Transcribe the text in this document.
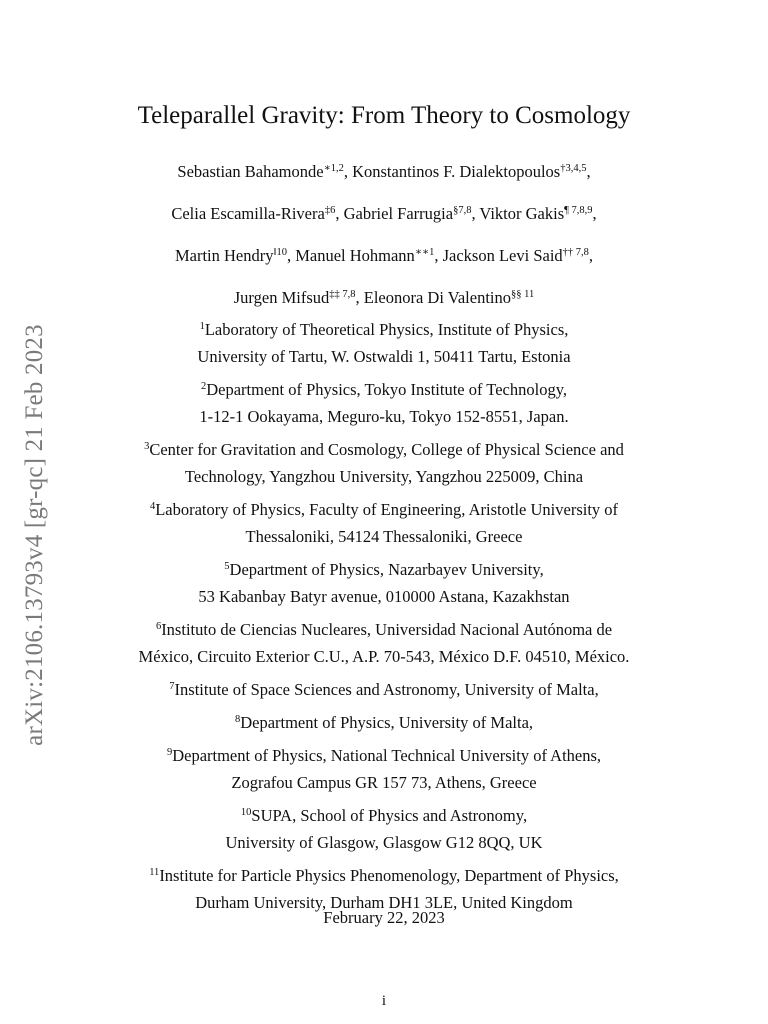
arXiv:2106.13793v4 [gr-qc] 21 Feb 2023
Teleparallel Gravity: From Theory to Cosmology
Sebastian Bahamonde$^{∗1,2}$, Konstantinos F. Dialektopoulos$^{\dagger 3,4,5}$,
Celia Escamilla-Rivera$^{\ddagger 6}$, Gabriel Farrugia$^{\S 7,8}$, Viktor Gakis$^{\P 7,8,9}$,
Martin Hendry$^{‖10}$, Manuel Hohmann$^{∗∗1}$, Jackson Levi Said$^{\dagger\dagger 7,8}$,
Jurgen Mifsud$^{\ddagger\ddagger 7,8}$, Eleonora Di Valentino$^{\S\S 11}$
$^1$Laboratory of Theoretical Physics, Institute of Physics,
University of Tartu, W. Ostwaldi 1, 50411 Tartu, Estonia
$^2$Department of Physics, Tokyo Institute of Technology,
1-12-1 Ookayama, Meguro-ku, Tokyo 152-8551, Japan.
$^3$Center for Gravitation and Cosmology, College of Physical Science and
Technology, Yangzhou University, Yangzhou 225009, China
$^4$Laboratory of Physics, Faculty of Engineering, Aristotle University of
Thessaloniki, 54124 Thessaloniki, Greece
$^5$Department of Physics, Nazarbayev University,
53 Kabanbay Batyr avenue, 010000 Astana, Kazakhstan
$^6$Instituto de Ciencias Nucleares, Universidad Nacional Autónoma de
México, Circuito Exterior C.U., A.P. 70-543, México D.F. 04510, México.
$^7$Institute of Space Sciences and Astronomy, University of Malta,
$^8$Department of Physics, University of Malta,
$^9$Department of Physics, National Technical University of Athens,
Zografou Campus GR 157 73, Athens, Greece
$^{10}$SUPA, School of Physics and Astronomy,
University of Glasgow, Glasgow G12 8QQ, UK
$^{11}$Institute for Particle Physics Phenomenology, Department of Physics,
Durham University, Durham DH1 3LE, United Kingdom
February 22, 2023
i
